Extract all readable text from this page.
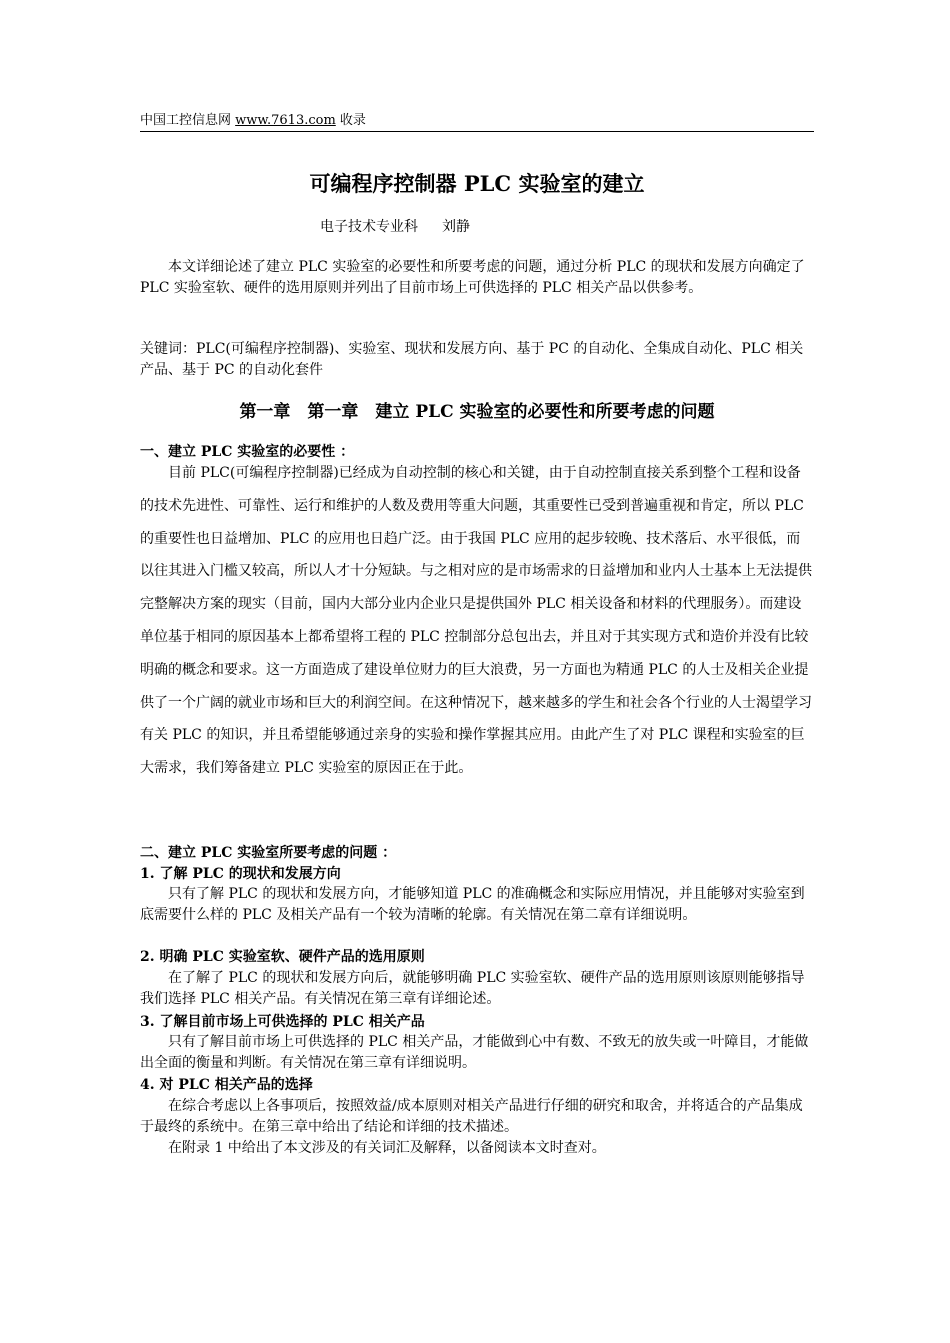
中国工控信息网 www.7613.com 收录
可编程序控制器 PLC 实验室的建立
电子技术专业科 刘静
本文详细论述了建立 PLC 实验室的必要性和所要考虑的问题，通过分析 PLC 的现状和发展方向确定了 PLC 实验室软、硬件的选用原则并列出了目前市场上可供选择的 PLC 相关产品以供参考。
关键词：PLC(可编程序控制器)、实验室、现状和发展方向、基于 PC 的自动化、全集成自动化、PLC 相关产品、基于 PC 的自动化套件
第一章　第一章　建立 PLC 实验室的必要性和所要考虑的问题
一、建立 PLC 实验室的必要性 ：
目前 PLC(可编程序控制器)已经成为自动控制的核心和关键，由于自动控制直接关系到整个工程和设备的技术先进性、可靠性、运行和维护的人数及费用等重大问题，其重要性已受到普遍重视和肯定，所以 PLC 的重要性也日益增加、PLC 的应用也日趋广泛。由于我国 PLC 应用的起步较晚、技术落后、水平很低，而以往其进入门槛又较高，所以人才十分短缺。与之相对应的是市场需求的日益增加和业内人士基本上无法提供完整解决方案的现实（目前，国内大部分业内企业只是提供国外 PLC 相关设备和材料的代理服务）。而建设单位基于相同的原因基本上都希望将工程的 PLC 控制部分总包出去，并且对于其实现方式和造价并没有比较明确的概念和要求。这一方面造成了建设单位财力的巨大浪费，另一方面也为精通 PLC 的人士及相关企业提供了一个广阔的就业市场和巨大的利润空间。在这种情况下，越来越多的学生和社会各个行业的人士渴望学习有关 PLC 的知识，并且希望能够通过亲身的实验和操作掌握其应用。由此产生了对 PLC 课程和实验室的巨大需求，我们筹备建立 PLC 实验室的原因正在于此。
二、建立 PLC 实验室所要考虑的问题 ：
1. 了解 PLC 的现状和发展方向
只有了解 PLC 的现状和发展方向，才能够知道 PLC 的准确概念和实际应用情况，并且能够对实验室到底需要什么样的 PLC 及相关产品有一个较为清晰的轮廓。有关情况在第二章有详细说明。
2. 明确 PLC 实验室软、硬件产品的选用原则
在了解了 PLC 的现状和发展方向后，就能够明确 PLC 实验室软、硬件产品的选用原则该原则能够指导我们选择 PLC 相关产品。有关情况在第三章有详细论述。
3. 了解目前市场上可供选择的 PLC 相关产品
只有了解目前市场上可供选择的 PLC 相关产品，才能做到心中有数、不致无的放失或一叶障目，才能做出全面的衡量和判断。有关情况在第三章有详细说明。
4. 对 PLC 相关产品的选择
在综合考虑以上各事项后，按照效益/成本原则对相关产品进行仔细的研究和取舍，并将适合的产品集成于最终的系统中。在第三章中给出了结论和详细的技术描述。
在附录 1 中给出了本文涉及的有关词汇及解释，以备阅读本文时查对。
